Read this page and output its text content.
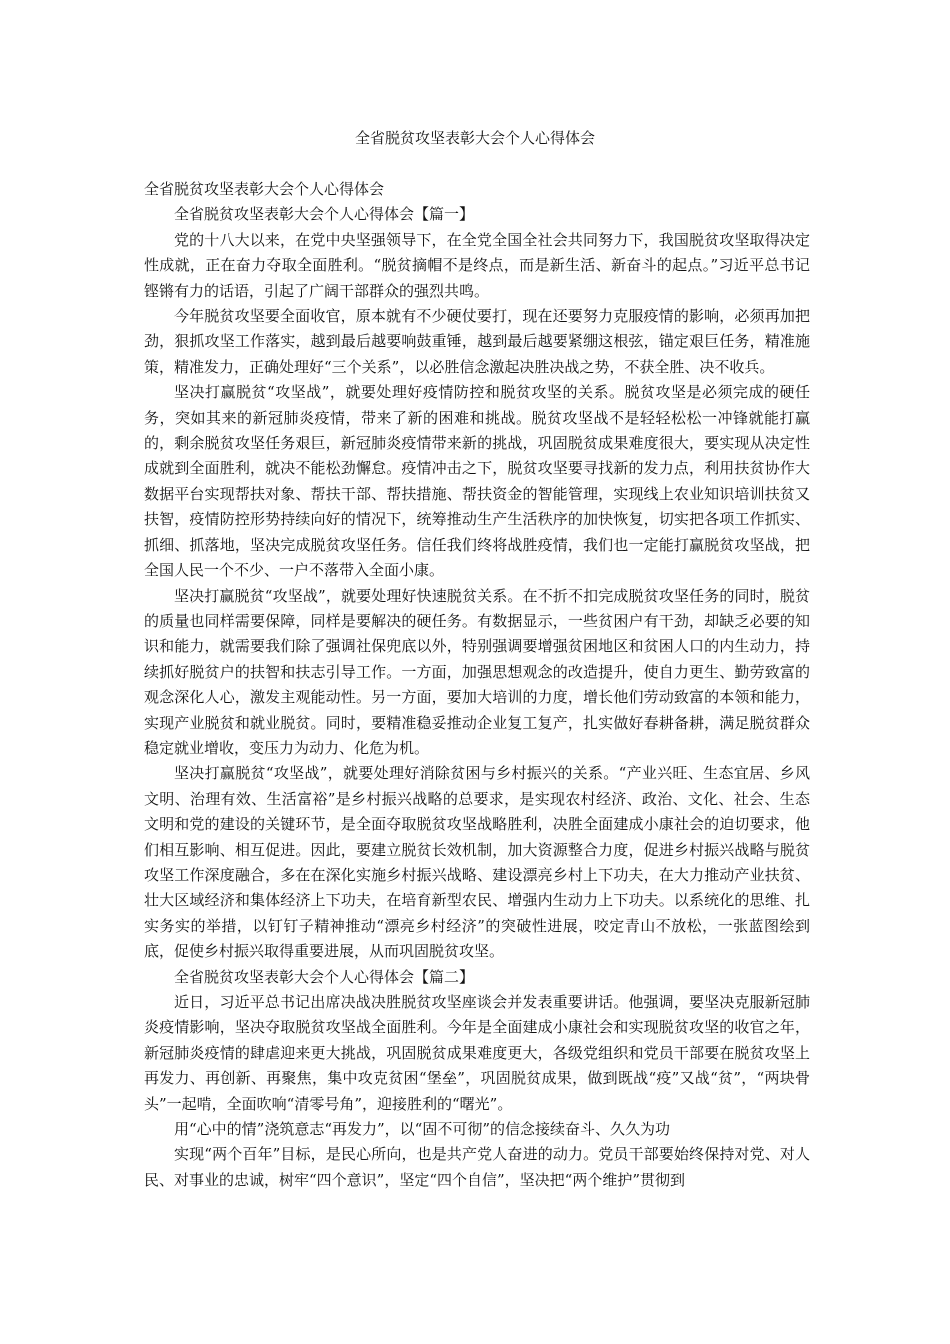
全省脱贫攻坚表彰大会个人心得体会

全省脱贫攻坚表彰大会个人心得体会

全省脱贫攻坚表彰大会个人心得体会【篇一】

党的十八大以来，在党中央坚强领导下，在全党全国全社会共同努力下，我国脱贫攻坚取得决定性成就，正在奋力夺取全面胜利。“脱贫摘帽不是终点，而是新生活、新奋斗的起点。”习近平总书记铿锵有力的话语，引起了广阔干部群众的强烈共鸣。

今年脱贫攻坚要全面收官，原本就有不少硬仗要打，现在还要努力克服疫情的影响，必须再加把劲，狠抓攻坚工作落实，越到最后越要响鼓重锤，越到最后越要紧绷这根弦，锚定艰巨任务，精准施策，精准发力，正确处理好“三个关系”，以必胜信念激起决胜决战之势，不获全胜、决不收兵。

坚决打赢脱贫“攻坚战”，就要处理好疫情防控和脱贫攻坚的关系。脱贫攻坚是必须完成的硬任务，突如其来的新冠肺炎疫情，带来了新的困难和挑战。脱贫攻坚战不是轻轻松松一冲锋就能打赢的，剩余脱贫攻坚任务艰巨，新冠肺炎疫情带来新的挑战，巩固脱贫成果难度很大，要实现从决定性成就到全面胜利，就决不能松劲懈怠。疫情冲击之下，脱贫攻坚要寻找新的发力点，利用扶贫协作大数据平台实现帮扶对象、帮扶干部、帮扶措施、帮扶资金的智能管理，实现线上农业知识培训扶贫又扶智，疫情防控形势持续向好的情况下，统筹推动生产生活秩序的加快恢复，切实把各项工作抓实、抓细、抓落地，坚决完成脱贫攻坚任务。信任我们终将战胜疫情，我们也一定能打赢脱贫攻坚战，把全国人民一个不少、一户不落带入全面小康。

坚决打赢脱贫“攻坚战”，就要处理好快速脱贫关系。在不折不扣完成脱贫攻坚任务的同时，脱贫的质量也同样需要保障，同样是要解决的硬任务。有数据显示，一些贫困户有干劲，却缺乏必要的知识和能力，就需要我们除了强调社保兜底以外，特别强调要增强贫困地区和贫困人口的内生动力，持续抓好脱贫户的扶智和扶志引导工作。一方面，加强思想观念的改造提升，使自力更生、勤劳致富的观念深化人心，激发主观能动性。另一方面，要加大培训的力度，增长他们劳动致富的本领和能力，实现产业脱贫和就业脱贫。同时，要精准稳妥推动企业复工复产，扎实做好春耕备耕，满足脱贫群众稳定就业增收，变压力为动力、化危为机。

坚决打赢脱贫“攻坚战”，就要处理好消除贫困与乡村振兴的关系。“产业兴旺、生态宜居、乡风文明、治理有效、生活富裕”是乡村振兴战略的总要求，是实现农村经济、政治、文化、社会、生态文明和党的建设的关键环节，是全面夺取脱贫攻坚战略胜利，决胜全面建成小康社会的迫切要求，他们相互影响、相互促进。因此，要建立脱贫长效机制，加大资源整合力度，促进乡村振兴战略与脱贫攻坚工作深度融合，多在在深化实施乡村振兴战略、建设漂亮乡村上下功夫，在大力推动产业扶贫、壮大区域经济和集体经济上下功夫，在培育新型农民、增强内生动力上下功夫。以系统化的思维、扎实务实的举措，以钉钉子精神推动“漂亮乡村经济”的突破性进展，咬定青山不放松，一张蓝图绘到底，促使乡村振兴取得重要进展，从而巩固脱贫攻坚。

全省脱贫攻坚表彰大会个人心得体会【篇二】

近日，习近平总书记出席决战决胜脱贫攻坚座谈会并发表重要讲话。他强调，要坚决克服新冠肺炎疫情影响，坚决夺取脱贫攻坚战全面胜利。今年是全面建成小康社会和实现脱贫攻坚的收官之年，新冠肺炎疫情的肆虐迎来更大挑战，巩固脱贫成果难度更大，各级党组织和党员干部要在脱贫攻坚上再发力、再创新、再聚焦，集中攻克贫困“堡垒”，巩固脱贫成果，做到既战“疫”又战“贫”，“两块骨头”一起啃，全面吹响“清零号角”，迎接胜利的“曙光”。

用“心中的情”浇筑意志“再发力”，以“固不可彻”的信念接续奋斗、久久为功

实现“两个百年”目标，是民心所向，也是共产党人奋进的动力。党员干部要始终保持对党、对人民、对事业的忠诚，树牢“四个意识”，坚定“四个自信”，坚决把“两个维护”贯彻到
